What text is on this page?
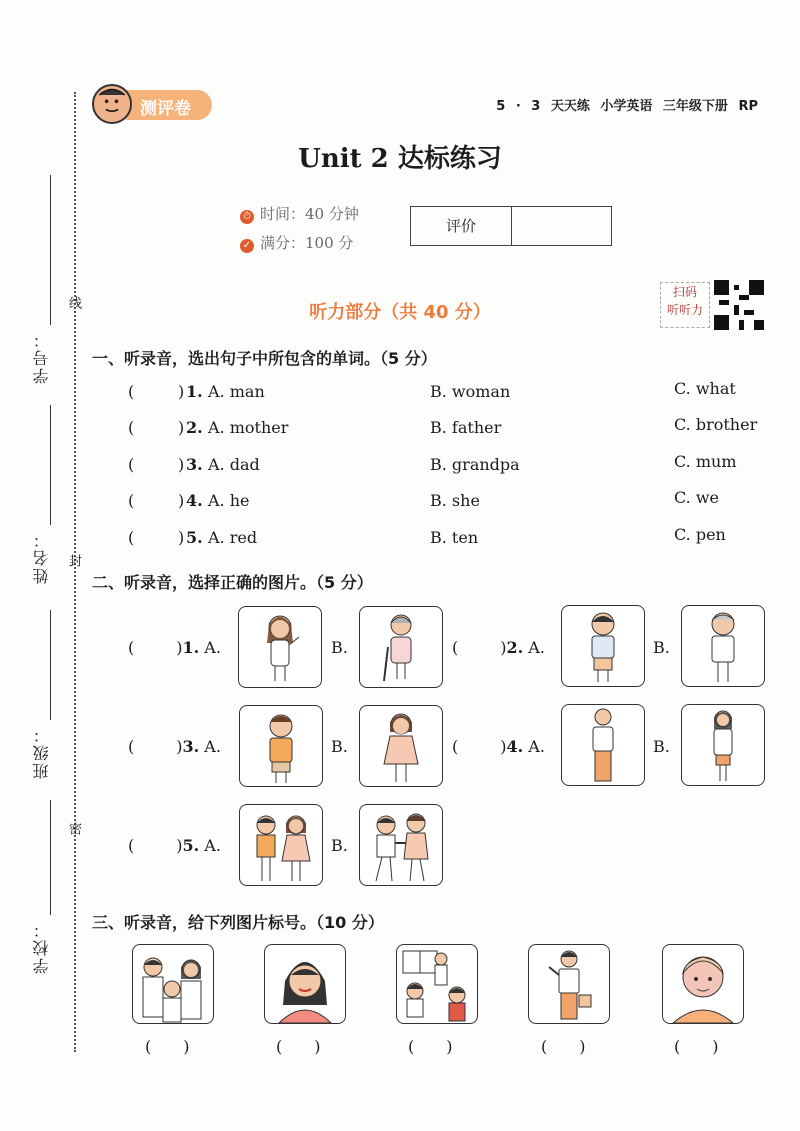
学号：
姓名：
班级：
学校：
线
封
密
测评卷	5 · 3 天天练 小学英语 三年级下册 RP
Unit 2 达标练习
⏱ 时间：40 分钟
✓ 满分：100 分
评价
听力部分（共 40 分）
扫码
听听力
一、听录音，选出句子中所包含的单词。（5 分）
(	) 1. A. man	B. woman	C. what
(	) 2. A. mother	B. father	C. brother
(	) 3. A. dad	B. grandpa	C. mum
(	) 4. A. he	B. she	C. we
(	) 5. A. red	B. ten	C. pen
二、听录音，选择正确的图片。（5 分）
(	)1. A.	B.	(	)2. A.	B.
(	)3. A.	B.	(	)4. A.	B.
(	)5. A.	B.
三、听录音，给下列图片标号。（10 分）
(　　)	(　　)	(　　)	(　　)	(　　)
